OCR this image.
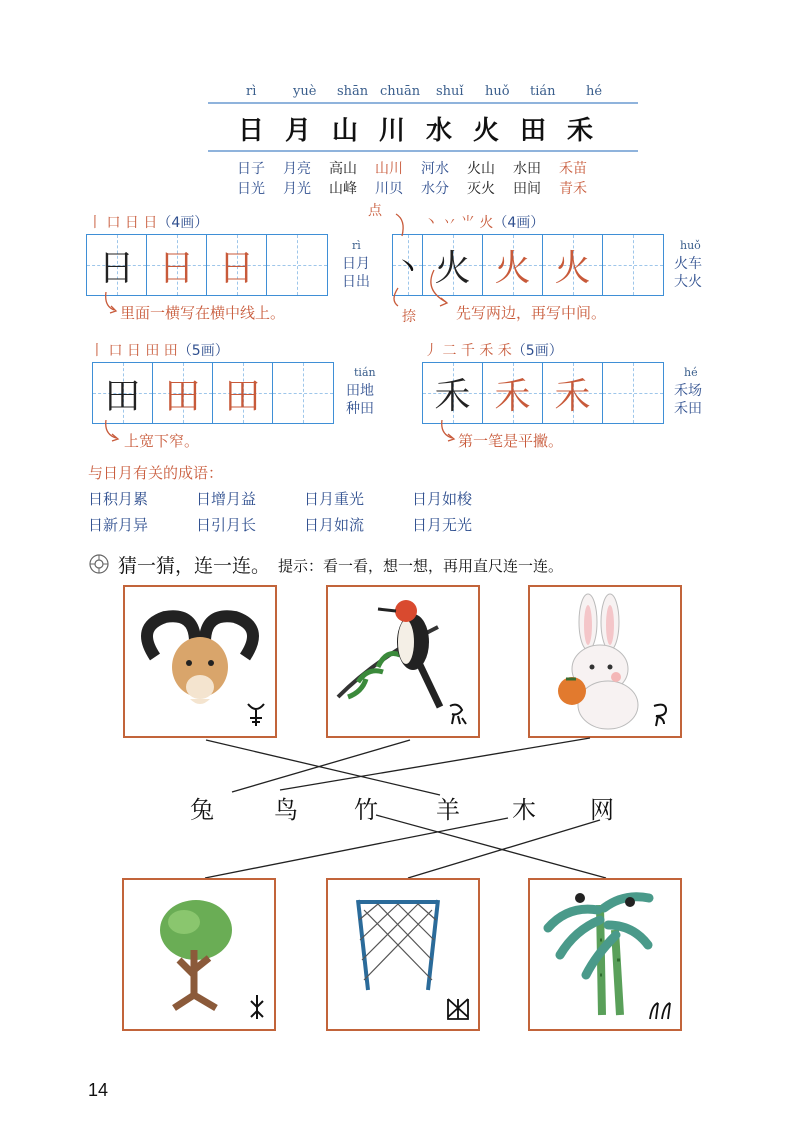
rì	yuè shān chuān shuǐ huǒ tián hé
日 月 山 川 水 火 田 禾
日子 月亮 高山 山川 河水 火山 水田 禾苗
日光 月光 山峰 川贝 水分 灭火 田间 青禾
丨 ⼝ 日 日（4画）
日 日 日
rì
日月
日出
里面一横写在横中线上。
点
丶 丷 ⺌ 火（4画）
丶 火 火 火
huǒ
火车
大火
捺	先写两边，再写中间。
丨 ⼝ 日 田 田（5画）
田 田 田
tián
田地
种田
上宽下窄。
丿 二 千 禾 禾（5画）
禾 禾 禾
hé
禾场
禾田
第一笔是平撇。
与日月有关的成语：
日积月累	日增月益	日月重光	日月如梭
日新月异	日引月长	日月如流	日月无光
猜一猜，连一连。 提示：看一看，想一想，再用直尺连一连。
兔	鸟 竹 羊 木 网
14
